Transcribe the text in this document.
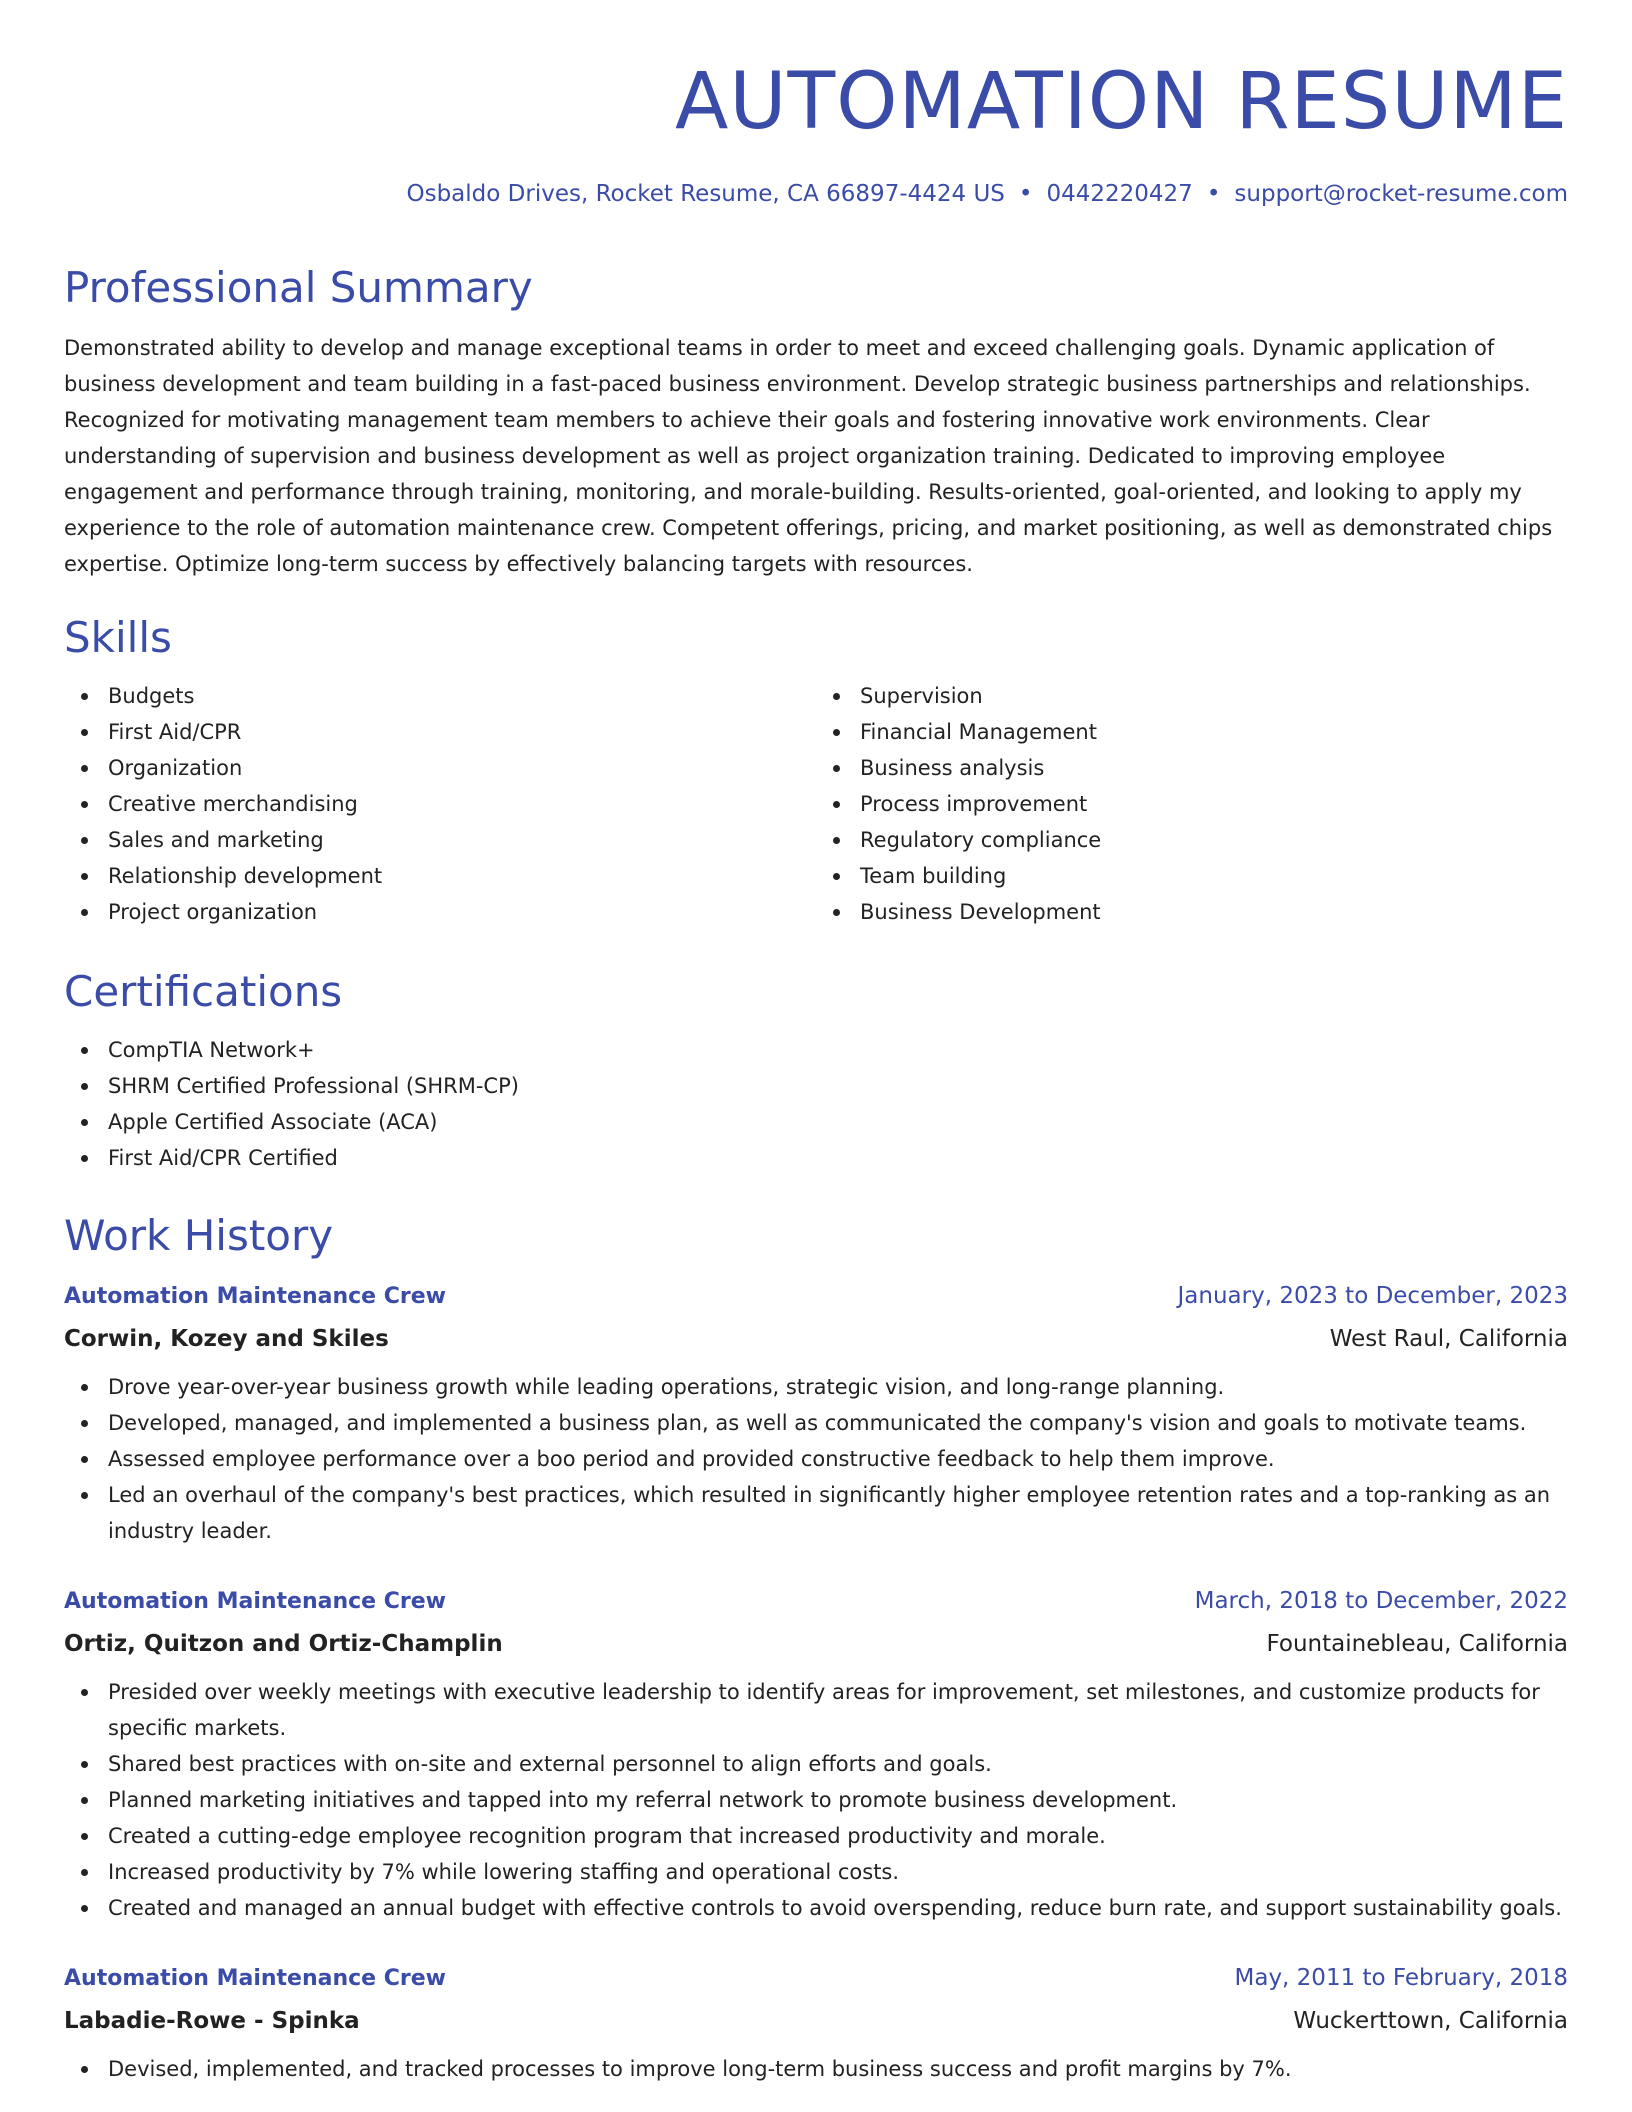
AUTOMATION RESUME
Osbaldo Drives, Rocket Resume, CA 66897-4424 US • 0442220427 • support@rocket-resume.com
Professional Summary

Demonstrated ability to develop and manage exceptional teams in order to meet and exceed challenging goals. Dynamic application of business development and team building in a fast-paced business environment. Develop strategic business partnerships and relationships. Recognized for motivating management team members to achieve their goals and fostering innovative work environments. Clear understanding of supervision and business development as well as project organization training. Dedicated to improving employee engagement and performance through training, monitoring, and morale-building. Results-oriented, goal-oriented, and looking to apply my experience to the role of automation maintenance crew. Competent offerings, pricing, and market positioning, as well as demonstrated chips expertise. Optimize long-term success by effectively balancing targets with resources.

Skills
Budgets
First Aid/CPR
Organization
Creative merchandising
Sales and marketing
Relationship development
Project organization
Supervision
Financial Management
Business analysis
Process improvement
Regulatory compliance
Team building
Business Development
Certifications
CompTIA Network+
SHRM Certified Professional (SHRM-CP)
Apple Certified Associate (ACA)
First Aid/CPR Certified
Work History
Automation Maintenance Crew	January, 2023 to December, 2023
Corwin, Kozey and Skiles	West Raul, California
Drove year-over-year business growth while leading operations, strategic vision, and long-range planning.
Developed, managed, and implemented a business plan, as well as communicated the company's vision and goals to motivate teams.
Assessed employee performance over a boo period and provided constructive feedback to help them improve.
Led an overhaul of the company's best practices, which resulted in significantly higher employee retention rates and a top-ranking as an industry leader.
Automation Maintenance Crew	March, 2018 to December, 2022
Ortiz, Quitzon and Ortiz-Champlin	Fountainebleau, California
Presided over weekly meetings with executive leadership to identify areas for improvement, set milestones, and customize products for specific markets.
Shared best practices with on-site and external personnel to align efforts and goals.
Planned marketing initiatives and tapped into my referral network to promote business development.
Created a cutting-edge employee recognition program that increased productivity and morale.
Increased productivity by 7% while lowering staffing and operational costs.
Created and managed an annual budget with effective controls to avoid overspending, reduce burn rate, and support sustainability goals.
Automation Maintenance Crew	May, 2011 to February, 2018
Labadie-Rowe - Spinka	Wuckerttown, California
Devised, implemented, and tracked processes to improve long-term business success and profit margins by 7%.
